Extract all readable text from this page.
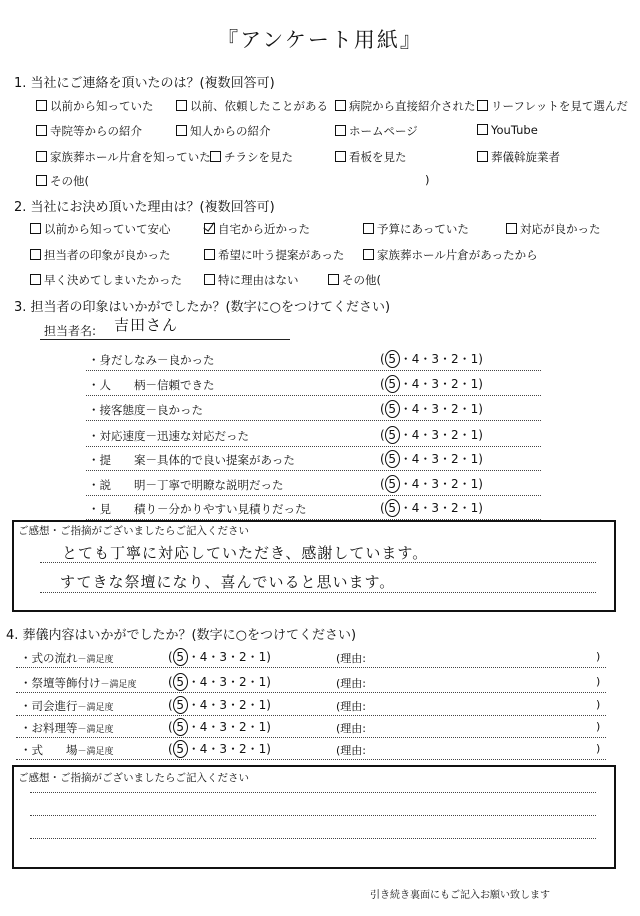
『アンケート用紙』
1. 当社にご連絡を頂いたのは？(複数回答可)
以前から知っていた	以前、依頼したことがある	病院から直接紹介された	リーフレットを見て選んだ
寺院等からの紹介	知人からの紹介	ホームページ	YouTube
家族葬ホール片倉を知っていた	チラシを見た	看板を見た	葬儀斡旋業者
その他(	)
2. 当社にお決め頂いた理由は？(複数回答可)
以前から知っていて安心	自宅から近かった	予算にあっていた	対応が良かった
担当者の印象が良かった	希望に叶う提案があった	家族葬ホール片倉があったから
早く決めてしまいたかった	特に理由はない	その他(
3. 担当者の印象はいかがでしたか？(数字に○をつけてください)
担当者名: 吉田さん
・身だしなみ－良かった	( 5 ・4・3・2・1)
・人　　柄－信頼できた	( 5 ・4・3・2・1)
・接客態度－良かった	( 5 ・4・3・2・1)
・対応速度－迅速な対応だった	( 5 ・4・3・2・1)
・提　　案－具体的で良い提案があった	( 5 ・4・3・2・1)
・説　　明－丁寧で明瞭な説明だった	( 5 ・4・3・2・1)
・見　　積り－分かりやすい見積りだった	( 5 ・4・3・2・1)
ご感想・ご指摘がございましたらご記入ください
とても丁寧に対応していただき、感謝しています。
すてきな祭壇になり、喜んでいると思います。
4. 葬儀内容はいかがでしたか？(数字に○をつけてください)
・式の流れ－満足度	( 5 ・4・3・2・1)	(理由:	)
・祭壇等飾付け－満足度	( 5 ・4・3・2・1)	(理由:	)
・司会進行－満足度	( 5 ・4・3・2・1)	(理由:	)
・お料理等－満足度	( 5 ・4・3・2・1)	(理由:	)
・式　　場－満足度	( 5 ・4・3・2・1)	(理由:	)
ご感想・ご指摘がございましたらご記入ください
引き続き裏面にもご記入お願い致します
